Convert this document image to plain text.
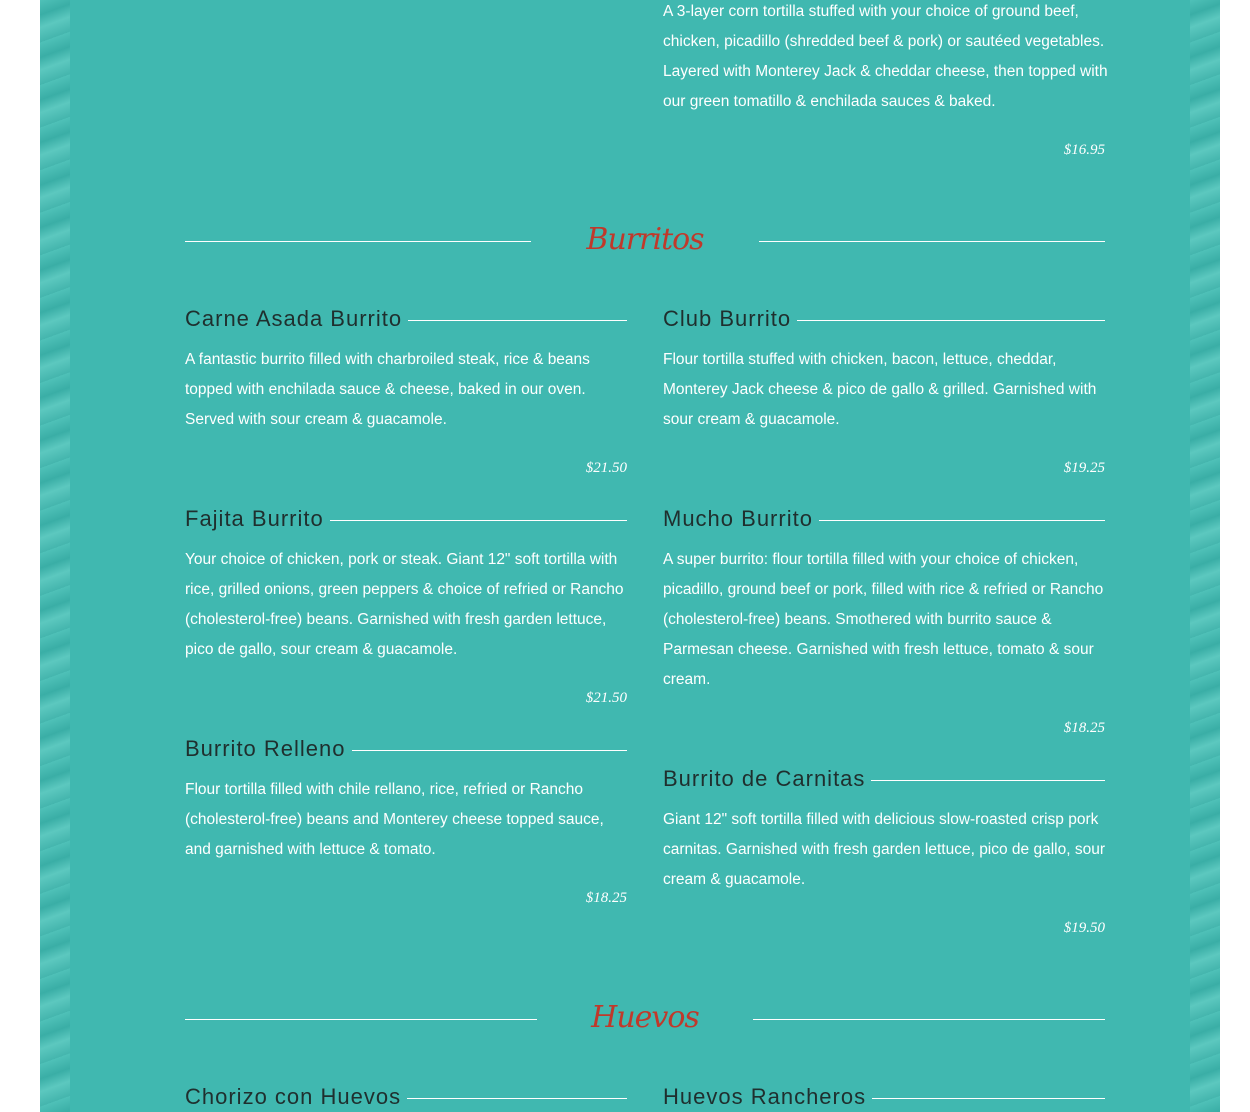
A 3-layer corn tortilla stuffed with your choice of ground beef, chicken, picadillo (shredded beef & pork) or sautéed vegetables. Layered with Monterey Jack & cheddar cheese, then topped with our green tomatillo & enchilada sauces & baked.

$16.95
Burritos
Carne Asada Burrito

A fantastic burrito filled with charbroiled steak, rice & beans topped with enchilada sauce & cheese, baked in our oven. Served with sour cream & guacamole.

$21.50
Club Burrito

Flour tortilla stuffed with chicken, bacon, lettuce, cheddar, Monterey Jack cheese & pico de gallo & grilled. Garnished with sour cream & guacamole.

$19.25
Fajita Burrito

Your choice of chicken, pork or steak. Giant 12" soft tortilla with rice, grilled onions, green peppers & choice of refried or Rancho (cholesterol-free) beans. Garnished with fresh garden lettuce, pico de gallo, sour cream & guacamole.

$21.50
Mucho Burrito

A super burrito: flour tortilla filled with your choice of chicken, picadillo, ground beef or pork, filled with rice & refried or Rancho (cholesterol-free) beans. Smothered with burrito sauce & Parmesan cheese. Garnished with fresh lettuce, tomato & sour cream.

$18.25
Burrito Relleno

Flour tortilla filled with chile rellano, rice, refried or Rancho (cholesterol-free) beans and Monterey cheese topped sauce, and garnished with lettuce & tomato.

$18.25
Burrito de Carnitas

Giant 12" soft tortilla filled with delicious slow-roasted crisp pork carnitas. Garnished with fresh garden lettuce, pico de gallo, sour cream & guacamole.

$19.50
Huevos
Chorizo con Huevos	Huevos Rancheros
